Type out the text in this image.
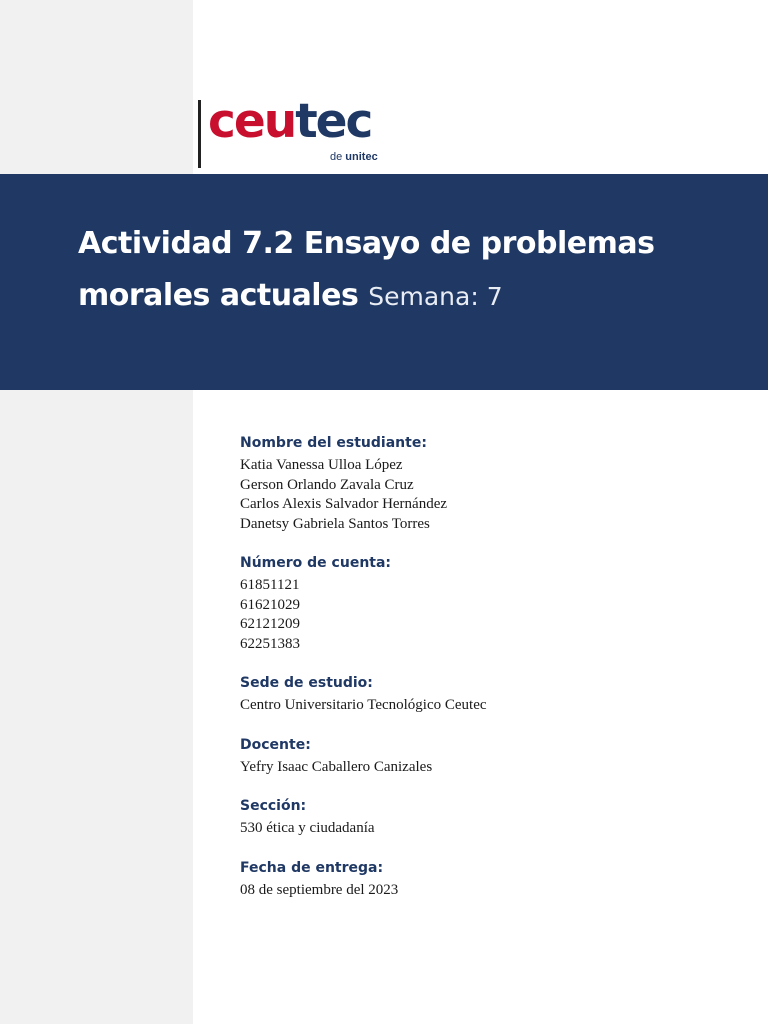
ceutec
de unitec
Actividad 7.2 Ensayo de problemas morales actuales Semana: 7
Nombre del estudiante:
Katia Vanessa Ulloa López
Gerson Orlando Zavala Cruz
Carlos Alexis Salvador Hernández
Danetsy Gabriela Santos Torres
Número de cuenta:
61851121
61621029
62121209
62251383
Sede de estudio:
Centro Universitario Tecnológico Ceutec
Docente:
Yefry Isaac Caballero Canizales
Sección:
530 ética y ciudadanía
Fecha de entrega:
08 de septiembre del 2023
